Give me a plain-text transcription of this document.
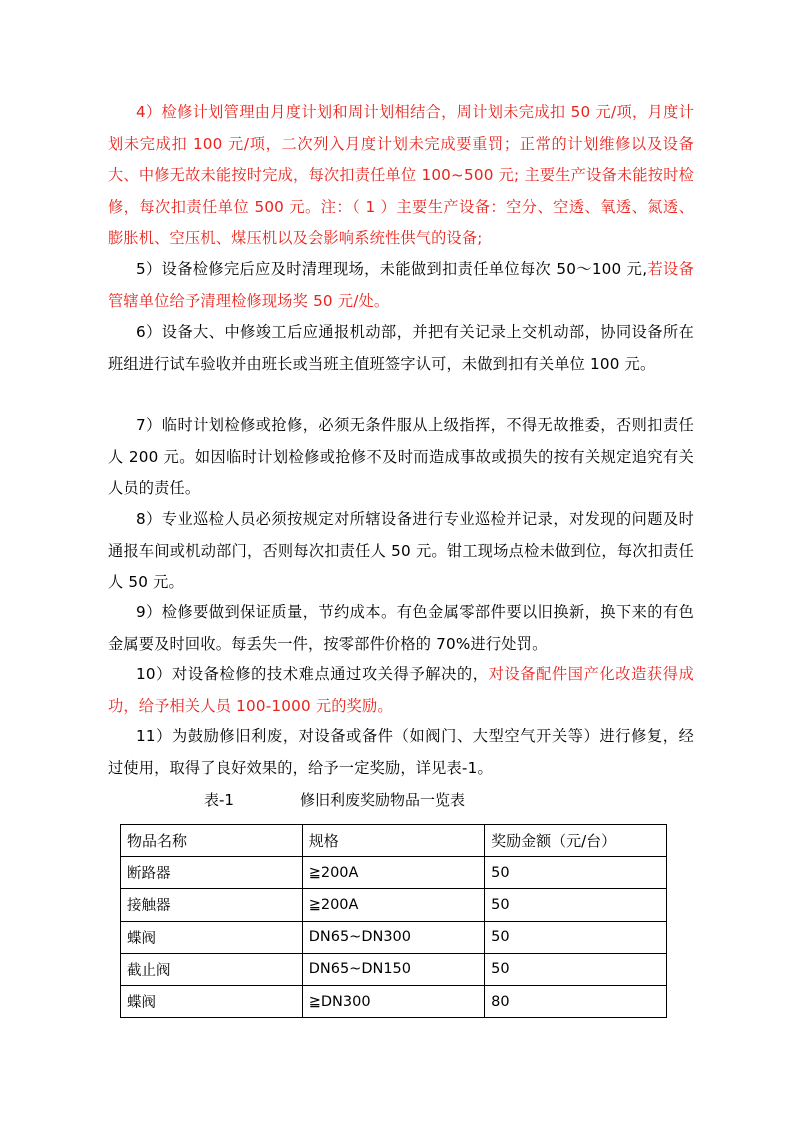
4）检修计划管理由月度计划和周计划相结合，周计划未完成扣 50 元/项，月度计划未完成扣 100 元/项，二次列入月度计划未完成要重罚；正常的计划维修以及设备大、中修无故未能按时完成，每次扣责任单位 100~500 元; 主要生产设备未能按时检修，每次扣责任单位 500 元。注：（ 1 ）主要生产设备：空分、空透、氧透、氮透、膨胀机、空压机、煤压机以及会影响系统性供气的设备;

5）设备检修完后应及时清理现场，未能做到扣责任单位每次 50～100 元,若设备管辖单位给予清理检修现场奖 50 元/处。

6）设备大、中修竣工后应通报机动部，并把有关记录上交机动部，协同设备所在班组进行试车验收并由班长或当班主值班签字认可，未做到扣有关单位 100 元。

7）临时计划检修或抢修，必须无条件服从上级指挥，不得无故推委，否则扣责任人 200 元。如因临时计划检修或抢修不及时而造成事故或损失的按有关规定追究有关人员的责任。

8）专业巡检人员必须按规定对所辖设备进行专业巡检并记录，对发现的问题及时通报车间或机动部门，否则每次扣责任人 50 元。钳工现场点检未做到位，每次扣责任人 50 元。

9）检修要做到保证质量，节约成本。有色金属零部件要以旧换新，换下来的有色金属要及时回收。每丢失一件，按零部件价格的 70%进行处罚。

10）对设备检修的技术难点通过攻关得予解决的，对设备配件国产化改造获得成功，给予相关人员 100-1000 元的奖励。

11）为鼓励修旧利废，对设备或备件（如阀门、大型空气开关等）进行修复，经过使用，取得了良好效果的，给予一定奖励，详见表-1。

表-1	修旧利废奖励物品一览表
物品名称	规格	奖励金额（元/台）
断路器	≧200A	50
接触器	≧200A	50
蝶阀	DN65~DN300	50
截止阀	DN65~DN150	50
蝶阀	≧DN300	80
